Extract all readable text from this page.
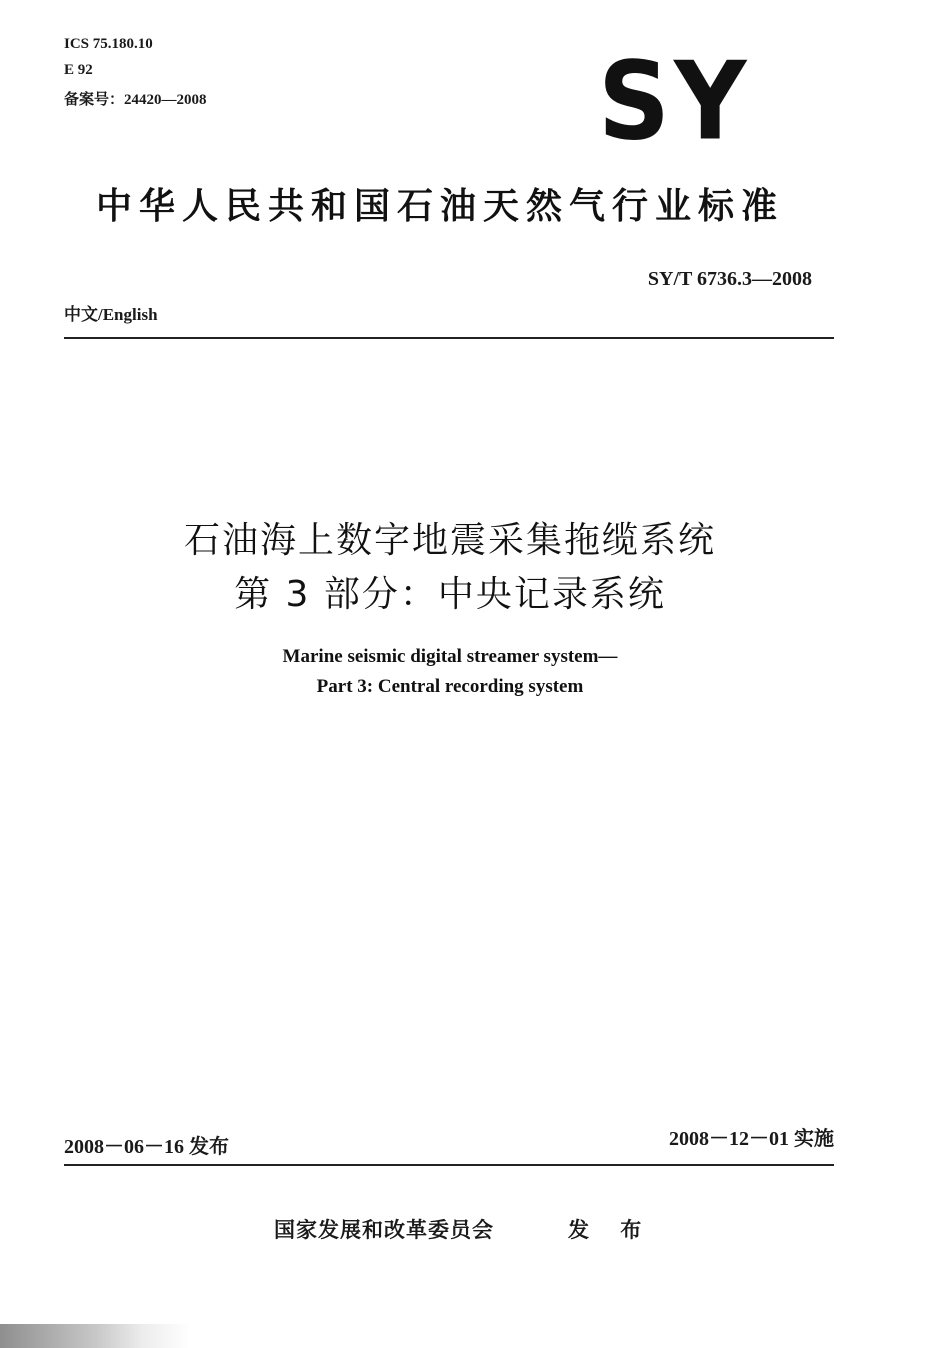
ICS 75.180.10
E 92
备案号：24420—2008	SY
中华人民共和国石油天然气行业标准
SY/T 6736.3—2008
中文/English
石油海上数字地震采集拖缆系统
第 3 部分：中央记录系统
Marine seismic digital streamer system—
Part 3: Central recording system
2008－06－16 发布	2008－12－01 实施
国家发展和改革委员会	发 布
